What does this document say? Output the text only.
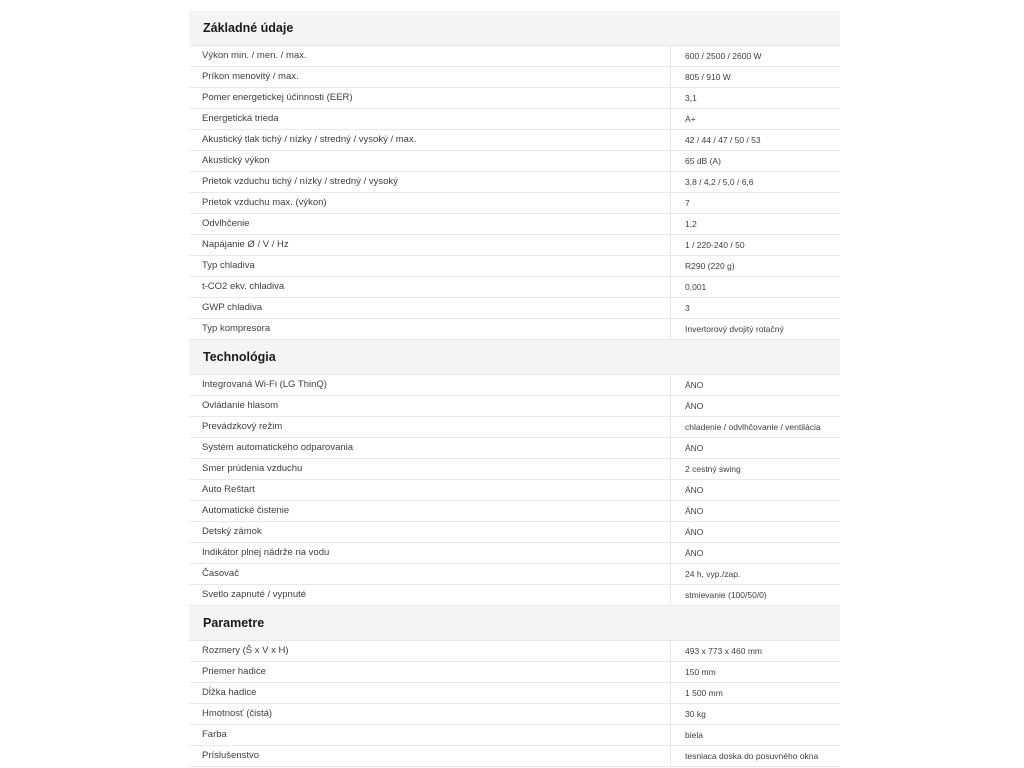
Základné údaje
Výkon min. / men. / max.	600 / 2500 / 2600 W
Príkon menovitý / max.	805 / 910 W
Pomer energetickej účinnosti (EER)	3,1
Energetická trieda	A+
Akustický tlak tichý / nízky / stredný / vysoký / max.	42 / 44 / 47 / 50 / 53
Akustický výkon	65 dB (A)
Prietok vzduchu tichý / nízky / stredný / vysoký	3,8 / 4,2 / 5,0 / 6,6
Prietok vzduchu max. (výkon)	7
Odvlhčenie	1,2
Napájanie Ø / V / Hz	1 / 220-240 / 50
Typ chladiva	R290 (220 g)
t-CO2 ekv. chladiva	0,001
GWP chladiva	3
Typ kompresora	Invertorový dvojitý rotačný
Technológia
Integrovaná Wi-Fi (LG ThinQ)	ÁNO
Ovládanie hlasom	ÁNO
Prevádzkový režim	chladenie / odvlhčovanie / ventilácia
Systém automatického odparovania	ÁNO
Smer prúdenia vzduchu	2 cestný swing
Auto Reštart	ÁNO
Automatické čistenie	ÁNO
Detský zámok	ÁNO
Indikátor plnej nádrže na vodu	ÁNO
Časovač	24 h, vyp./zap.
Svetlo zapnuté / vypnuté	stmievanie (100/50/0)
Parametre
Rozmery (Š x V x H)	493 x 773 x 460 mm
Priemer hadice	150 mm
Dĺžka hadice	1 500 mm
Hmotnosť (čistá)	30 kg
Farba	biela
Príslušenstvo	tesniaca doska do posuvného okna
